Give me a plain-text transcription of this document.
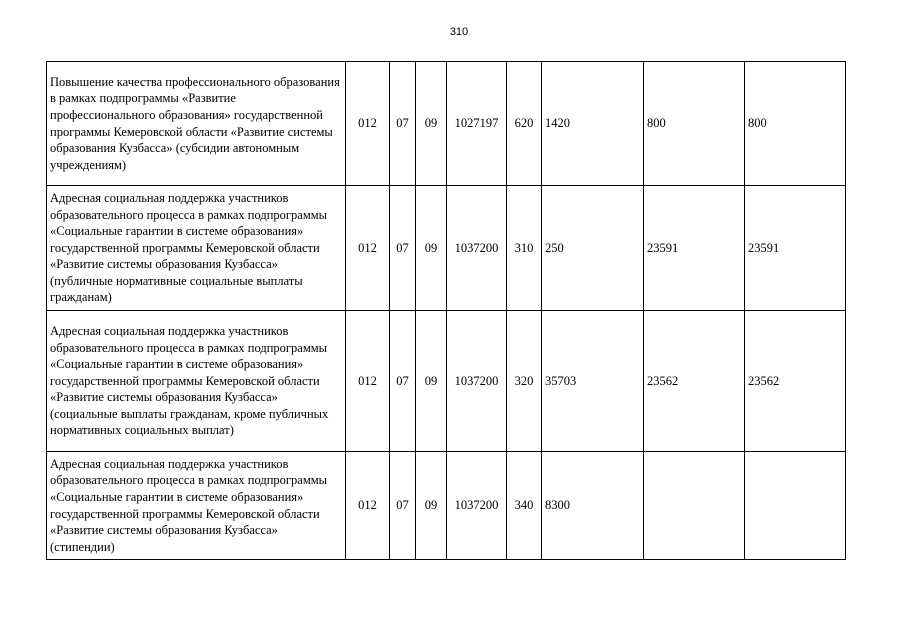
310
Повышение качества профессионального образования в рамках подпрограммы «Развитие профессионального образования» государственной программы Кемеровской области «Развитие системы образования Кузбасса» (субсидии автономным учреждениям)	012	07	09	1027197	620	1420	800	800
Адресная социальная поддержка участников образовательного процесса в рамках подпрограммы «Социальные гарантии в системе образования» государственной программы Кемеровской области «Развитие системы образования Кузбасса» (публичные нормативные социальные выплаты гражданам)	012	07	09	1037200	310	250	23591	23591
Адресная социальная поддержка участников образовательного процесса в рамках подпрограммы «Социальные гарантии в системе образования» государственной программы Кемеровской области «Развитие системы образования Кузбасса» (социальные выплаты гражданам, кроме публичных нормативных социальных выплат)	012	07	09	1037200	320	35703	23562	23562
Адресная социальная поддержка участников образовательного процесса в рамках подпрограммы «Социальные гарантии в системе образования» государственной программы Кемеровской области «Развитие системы образования Кузбасса» (стипендии)	012	07	09	1037200	340	8300		
